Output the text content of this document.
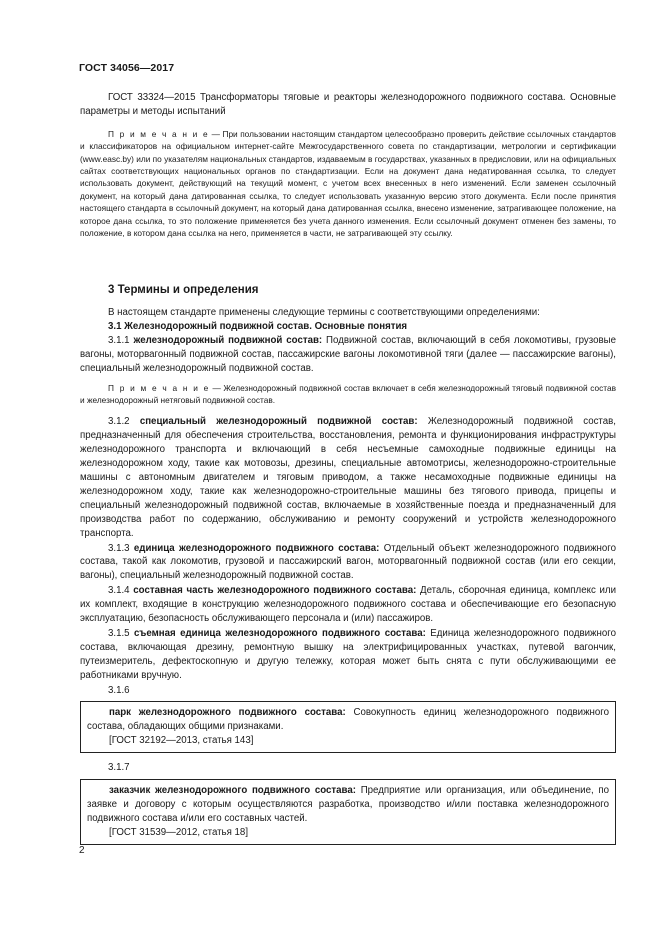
ГОСТ 34056—2017

ГОСТ 33324—2015 Трансформаторы тяговые и реакторы железнодорожного подвижного состава. Основные параметры и методы испытаний

П р и м е ч а н и е — При пользовании настоящим стандартом целесообразно проверить действие ссылочных стандартов и классификаторов на официальном интернет-сайте Межгосударственного совета по стандартизации, метрологии и сертификации (www.easc.by) или по указателям национальных стандартов, издаваемым в государствах, указанных в предисловии, или на официальных сайтах соответствующих национальных органов по стандартизации. Если на документ дана недатированная ссылка, то следует использовать документ, действующий на текущий момент, с учетом всех внесенных в него изменений. Если заменен ссылочный документ, на который дана датированная ссылка, то следует использовать указанную версию этого документа. Если после принятия настоящего стандарта в ссылочный документ, на который дана датированная ссылка, внесено изменение, затрагивающее положение, на которое дана ссылка, то это положение применяется без учета данного изменения. Если ссылочный документ отменен без замены, то положение, в котором дана ссылка на него, применяется в части, не затрагивающей эту ссылку.

3 Термины и определения

В настоящем стандарте применены следующие термины с соответствующими определениями:

3.1 Железнодорожный подвижной состав. Основные понятия

3.1.1 железнодорожный подвижной состав: Подвижной состав, включающий в себя локомотивы, грузовые вагоны, моторвагонный подвижной состав, пассажирские вагоны локомотивной тяги (далее — пассажирские вагоны), специальный железнодорожный подвижной состав.

П р и м е ч а н и е — Железнодорожный подвижной состав включает в себя железнодорожный тяговый подвижной состав и железнодорожный нетяговый подвижной состав.

3.1.2 специальный железнодорожный подвижной состав: Железнодорожный подвижной состав, предназначенный для обеспечения строительства, восстановления, ремонта и функционирования инфраструктуры железнодорожного транспорта и включающий в себя несъемные самоходные подвижные единицы на железнодорожном ходу, такие как мотовозы, дрезины, специальные автомотрисы, железнодорожно-строительные машины с автономным двигателем и тяговым приводом, а также несамоходные подвижные единицы на железнодорожном ходу, такие как железнодорожно-строительные машины без тягового привода, прицепы и специальный железнодорожный подвижной состав, включаемые в хозяйственные поезда и предназначенный для производства работ по содержанию, обслуживанию и ремонту сооружений и устройств железнодорожного транспорта.

3.1.3 единица железнодорожного подвижного состава: Отдельный объект железнодорожного подвижного состава, такой как локомотив, грузовой и пассажирский вагон, моторвагонный подвижной состав (или его секции, вагоны), специальный железнодорожный подвижной состав.

3.1.4 составная часть железнодорожного подвижного состава: Деталь, сборочная единица, комплекс или их комплект, входящие в конструкцию железнодорожного подвижного состава и обеспечивающие его безопасную эксплуатацию, безопасность обслуживающего персонала и (или) пассажиров.

3.1.5 съемная единица железнодорожного подвижного состава: Единица железнодорожного подвижного состава, включающая дрезину, ремонтную вышку на электрифицированных участках, путевой вагончик, путеизмеритель, дефектоскопную и другую тележку, которая может быть снята с пути обслуживающими ее работниками вручную.

3.1.6

парк железнодорожного подвижного состава: Совокупность единиц железнодорожного подвижного состава, обладающих общими признаками.

[ГОСТ 32192—2013, статья 143]

3.1.7

заказчик железнодорожного подвижного состава: Предприятие или организация, или объединение, по заявке и договору с которым осуществляются разработка, производство и/или поставка железнодорожного подвижного состава и/или его составных частей.

[ГОСТ 31539—2012, статья 18]

2
